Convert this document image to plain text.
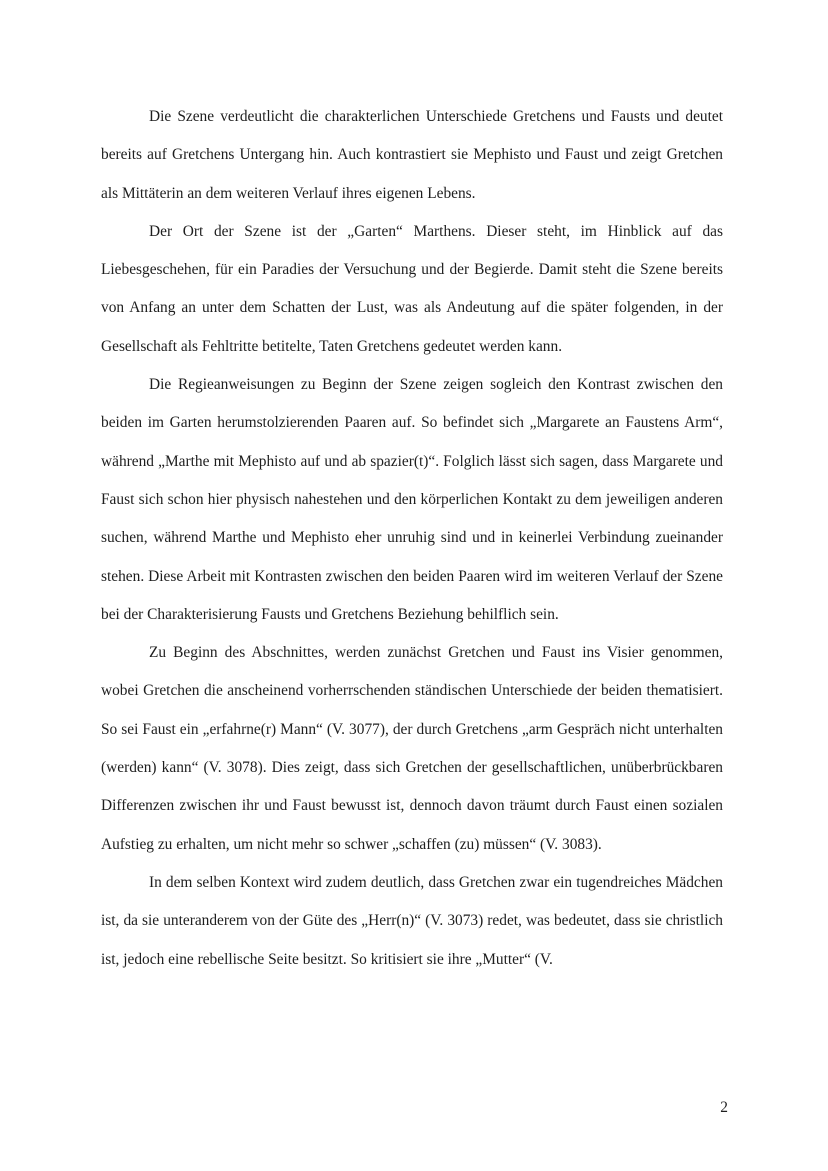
Die Szene verdeutlicht die charakterlichen Unterschiede Gretchens und Fausts und deutet bereits auf Gretchens Untergang hin. Auch kontrastiert sie Mephisto und Faust und zeigt Gretchen als Mittäterin an dem weiteren Verlauf ihres eigenen Lebens.

Der Ort der Szene ist der „Garten“ Marthens. Dieser steht, im Hinblick auf das Liebesgeschehen, für ein Paradies der Versuchung und der Begierde. Damit steht die Szene bereits von Anfang an unter dem Schatten der Lust, was als Andeutung auf die später folgenden, in der Gesellschaft als Fehltritte betitelte, Taten Gretchens gedeutet werden kann.

Die Regieanweisungen zu Beginn der Szene zeigen sogleich den Kontrast zwischen den beiden im Garten herumstolzierenden Paaren auf. So befindet sich „Margarete an Faustens Arm“, während „Marthe mit Mephisto auf und ab spazier(t)“. Folglich lässt sich sagen, dass Margarete und Faust sich schon hier physisch nahestehen und den körperlichen Kontakt zu dem jeweiligen anderen suchen, während Marthe und Mephisto eher unruhig sind und in keinerlei Verbindung zueinander stehen. Diese Arbeit mit Kontrasten zwischen den beiden Paaren wird im weiteren Verlauf der Szene bei der Charakterisierung Fausts und Gretchens Beziehung behilflich sein.

Zu Beginn des Abschnittes, werden zunächst Gretchen und Faust ins Visier genommen, wobei Gretchen die anscheinend vorherrschenden ständischen Unterschiede der beiden thematisiert. So sei Faust ein „erfahrne(r) Mann“ (V. 3077), der durch Gretchens „arm Gespräch nicht unterhalten (werden) kann“ (V. 3078). Dies zeigt, dass sich Gretchen der gesellschaftlichen, unüberbrückbaren Differenzen zwischen ihr und Faust bewusst ist, dennoch davon träumt durch Faust einen sozialen Aufstieg zu erhalten, um nicht mehr so schwer „schaffen (zu) müssen“ (V. 3083).

In dem selben Kontext wird zudem deutlich, dass Gretchen zwar ein tugendreiches Mädchen ist, da sie unteranderem von der Güte des „Herr(n)“ (V. 3073) redet, was bedeutet, dass sie christlich ist, jedoch eine rebellische Seite besitzt. So kritisiert sie ihre „Mutter“ (V.

2
